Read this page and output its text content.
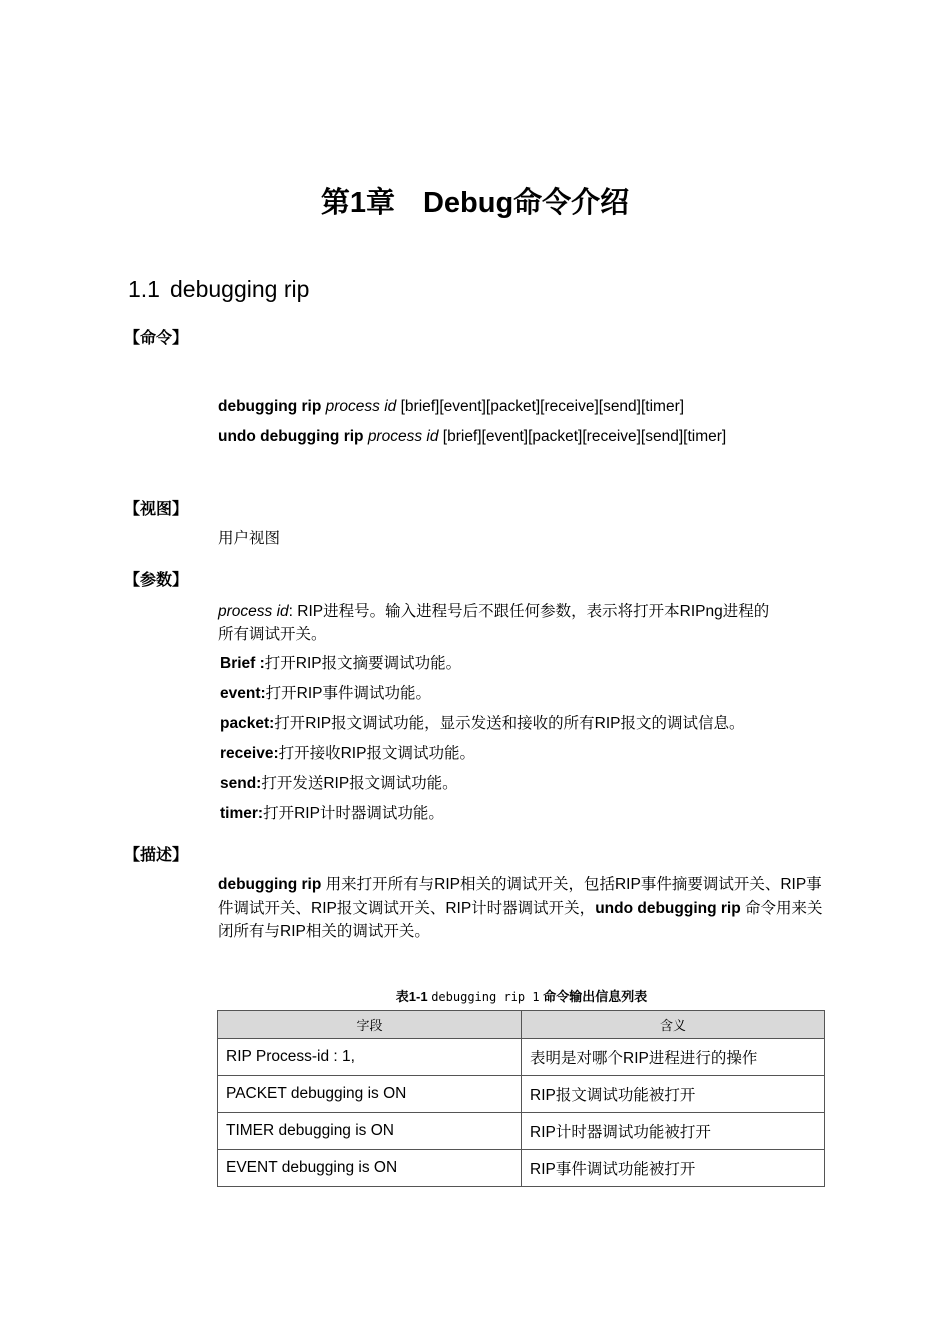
第1章 Debug命令介绍
1.1 debugging rip
【命令】
debugging rip process id [brief][event][packet][receive][send][timer]
undo debugging rip process id [brief][event][packet][receive][send][timer]
【视图】
用户视图
【参数】
process id: RIP进程号。输入进程号后不跟任何参数，表示将打开本RIPng进程的
所有调试开关。
Brief :打开RIP报文摘要调试功能。
event:打开RIP事件调试功能。
packet:打开RIP报文调试功能，显示发送和接收的所有RIP报文的调试信息。
receive:打开接收RIP报文调试功能。
send:打开发送RIP报文调试功能。
timer:打开RIP计时器调试功能。
【描述】
debugging rip 用来打开所有与RIP相关的调试开关，包括RIP事件摘要调试开关、RIP事件调试开关、RIP报文调试开关、RIP计时器调试开关，undo debugging rip 命令用来关闭所有与RIP相关的调试开关。
表1-1 debugging rip 1 命令输出信息列表
字段	含义
RIP Process-id : 1,	表明是对哪个RIP进程进行的操作
PACKET debugging is ON	RIP报文调试功能被打开
TIMER debugging is ON	RIP计时器调试功能被打开
EVENT debugging is ON	RIP事件调试功能被打开
